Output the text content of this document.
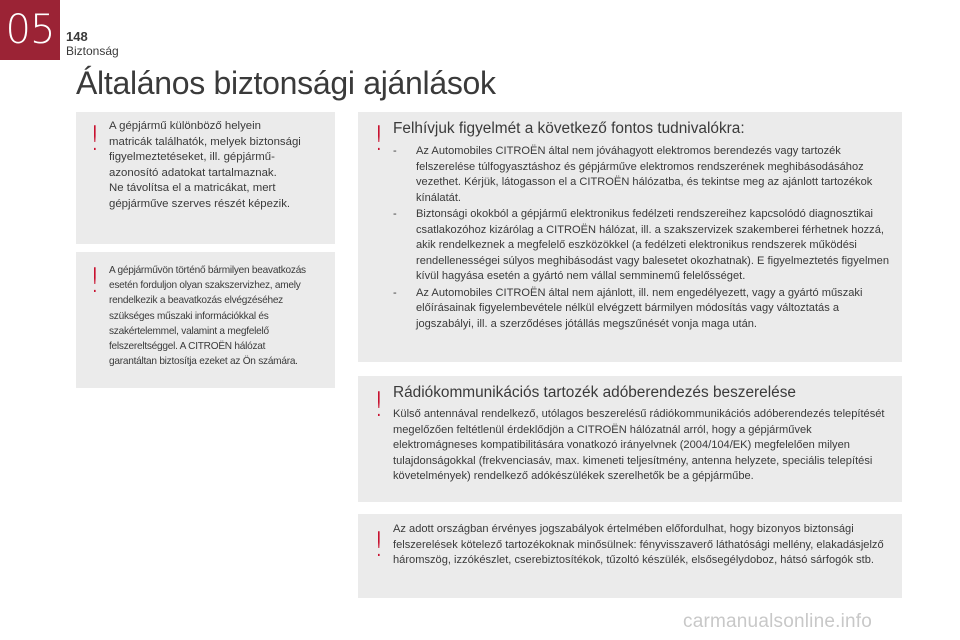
05 148
Biztonság
Általános biztonsági ajánlások
! A gépjármű különböző helyein
matricák találhatók, melyek biztonsági
figyelmeztetéseket, ill. gépjármű-
azonosító adatokat tartalmaznak.
Ne távolítsa el a matricákat, mert
gépjárműve szerves részét képezik.
! A gépjárművön történő bármilyen beavatkozás
esetén forduljon olyan szakszervizhez, amely
rendelkezik a beavatkozás elvégzéséhez
szükséges műszaki információkkal és
szakértelemmel, valamint a megfelelő
felszereltséggel. A CITROËN hálózat
garantáltan biztosítja ezeket az Ön számára.
! Felhívjuk figyelmét a következő fontos tudnivalókra:
- Az Automobiles CITROËN által nem jóváhagyott elektromos berendezés vagy tartozék felszerelése túlfogyasztáshoz és gépjárműve elektromos rendszerének meghibásodásához vezethet. Kérjük, látogasson el a CITROËN hálózatba, és tekintse meg az ajánlott tartozékok kínálatát.
- Biztonsági okokból a gépjármű elektronikus fedélzeti rendszereihez kapcsolódó diagnosztikai csatlakozóhoz kizárólag a CITROËN hálózat, ill. a szakszervizek szakemberei férhetnek hozzá, akik rendelkeznek a megfelelő eszközökkel (a fedélzeti elektronikus rendszerek működési rendellenességei súlyos meghibásodást vagy balesetet okozhatnak). E figyelmeztetés figyelmen kívül hagyása esetén a gyártó nem vállal semminemű felelősséget.
- Az Automobiles CITROËN által nem ajánlott, ill. nem engedélyezett, vagy a gyártó műszaki előírásainak figyelembevétele nélkül elvégzett bármilyen módosítás vagy változtatás a jogszabályi, ill. a szerződéses jótállás megszűnését vonja maga után.
! Rádiókommunikációs tartozék adóberendezés beszerelése
Külső antennával rendelkező, utólagos beszerelésű rádiókommunikációs adóberendezés telepítését megelőzően feltétlenül érdeklődjön a CITROËN hálózatnál arról, hogy a gépjárművek elektromágneses kompatibilitására vonatkozó irányelvnek (2004/104/EK) megfelelően milyen tulajdonságokkal (frekvenciasáv, max. kimeneti teljesítmény, antenna helyzete, speciális telepítési követelmények) rendelkező adókészülékek szerelhetők be a gépjárműbe.
! Az adott országban érvényes jogszabályok értelmében előfordulhat, hogy bizonyos biztonsági felszerelések kötelező tartozékoknak minősülnek: fényvisszaverő láthatósági mellény, elakadásjelző háromszög, izzókészlet, cserebiztosítékok, tűzoltó készülék, elsősegélydoboz, hátsó sárfogók stb.
carmanualsonline.info
